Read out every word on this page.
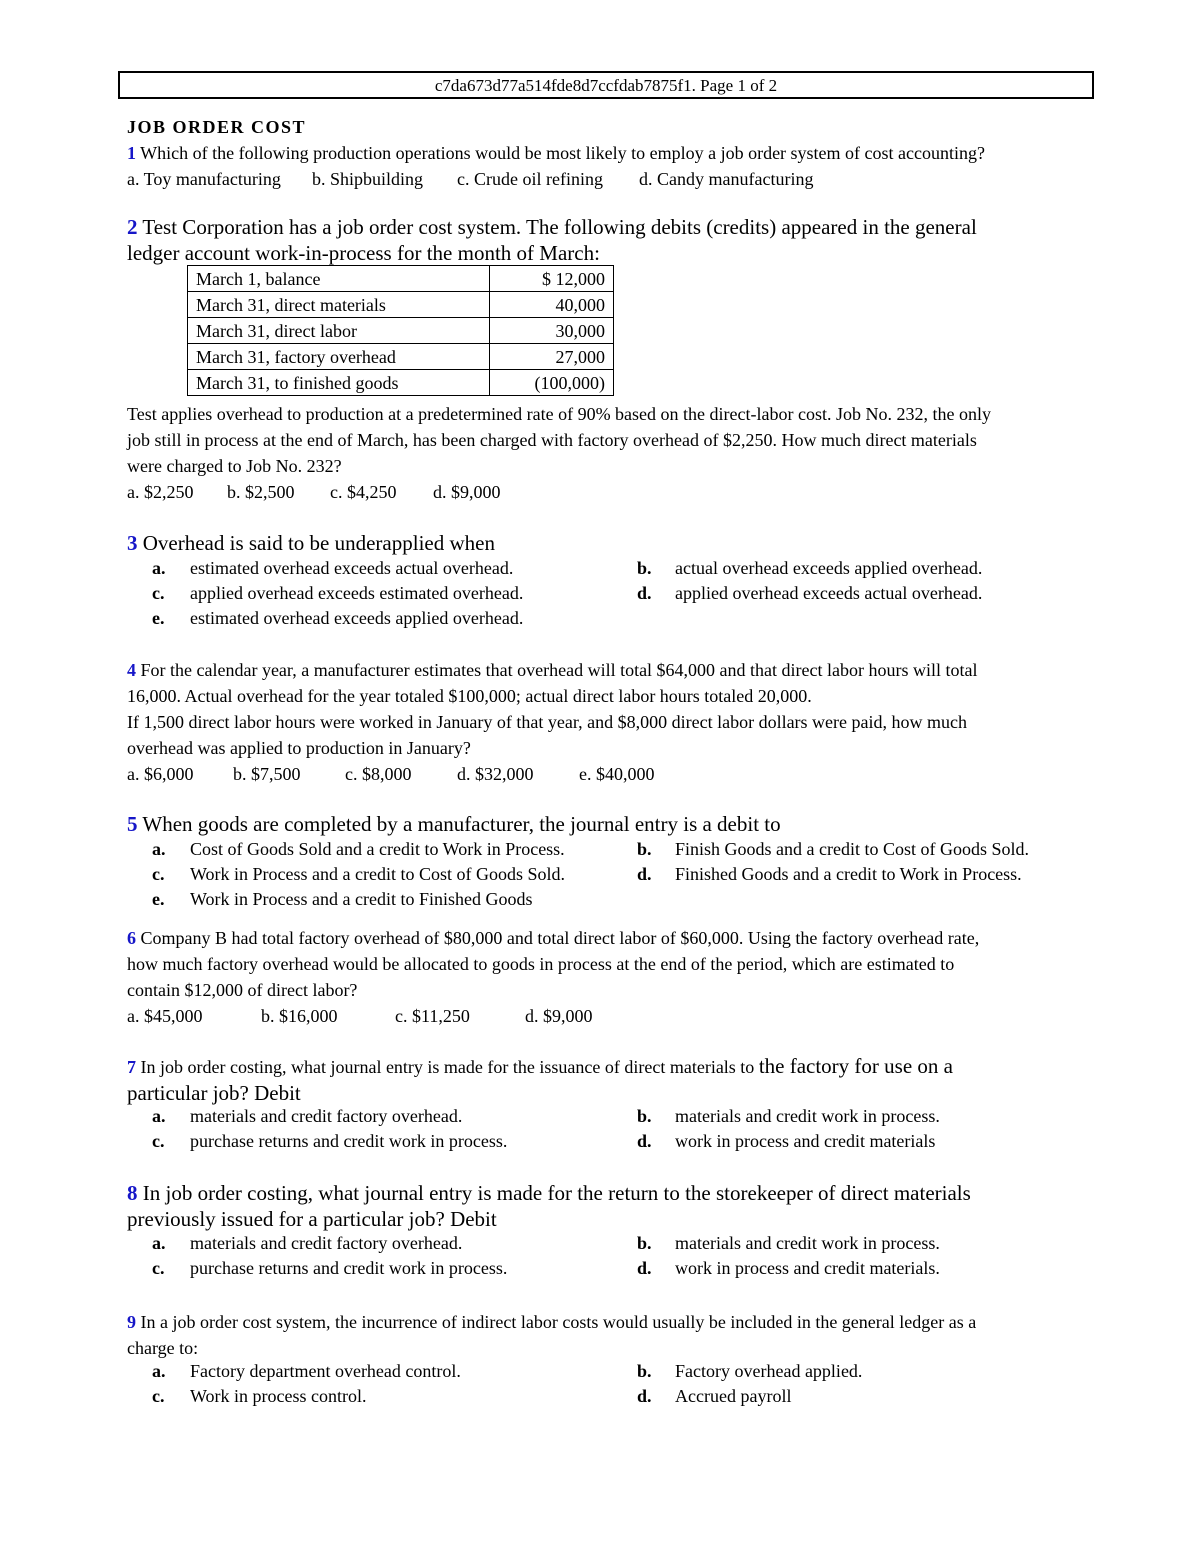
c7da673d77a514fde8d7ccfdab7875f1. Page 1 of 2
JOB ORDER COST
1 Which of the following production operations would be most likely to employ a job order system of cost accounting?
a. Toy manufacturing b. Shipbuilding c. Crude oil refining d. Candy manufacturing
2 Test Corporation has a job order cost system. The following debits (credits) appeared in the general
ledger account work-in-process for the month of March:
March 1, balance	$ 12,000
March 31, direct materials	40,000
March 31, direct labor	30,000
March 31, factory overhead	27,000
March 31, to finished goods	(100,000)
Test applies overhead to production at a predetermined rate of 90% based on the direct-labor cost. Job No. 232, the only
job still in process at the end of March, has been charged with factory overhead of $2,250. How much direct materials
were charged to Job No. 232?
a. $2,250 b. $2,500 c. $4,250 d. $9,000
3 Overhead is said to be underapplied when
a.	estimated overhead exceeds actual overhead.	b.	actual overhead exceeds applied overhead.
c.	applied overhead exceeds estimated overhead.	d.	applied overhead exceeds actual overhead.
e.	estimated overhead exceeds applied overhead.
4 For the calendar year, a manufacturer estimates that overhead will total $64,000 and that direct labor hours will total
16,000. Actual overhead for the year totaled $100,000; actual direct labor hours totaled 20,000.
If 1,500 direct labor hours were worked in January of that year, and $8,000 direct labor dollars were paid, how much
overhead was applied to production in January?
a. $6,000 b. $7,500 c. $8,000	d. $32,000	e. $40,000
5 When goods are completed by a manufacturer, the journal entry is a debit to
a.	Cost of Goods Sold and a credit to Work in Process.	b.	Finish Goods and a credit to Cost of Goods Sold.
c.	Work in Process and a credit to Cost of Goods Sold.	d.	Finished Goods and a credit to Work in Process.
e.	Work in Process and a credit to Finished Goods
6 Company B had total factory overhead of $80,000 and total direct labor of $60,000. Using the factory overhead rate,
how much factory overhead would be allocated to goods in process at the end of the period, which are estimated to
contain $12,000 of direct labor?
a. $45,000	b. $16,000	c. $11,250	d. $9,000
7 In job order costing, what journal entry is made for the issuance of direct materials to the factory for use on a
particular job? Debit
a.	materials and credit factory overhead.	b.	materials and credit work in process.
c.	purchase returns and credit work in process.	d.	work in process and credit materials
8 In job order costing, what journal entry is made for the return to the storekeeper of direct materials
previously issued for a particular job? Debit
a.	materials and credit factory overhead.	b.	materials and credit work in process.
c.	purchase returns and credit work in process.	d.	work in process and credit materials.
9 In a job order cost system, the incurrence of indirect labor costs would usually be included in the general ledger as a
charge to:
a.	Factory department overhead control.	b.	Factory overhead applied.
c.	Work in process control.	d.	Accrued payroll
